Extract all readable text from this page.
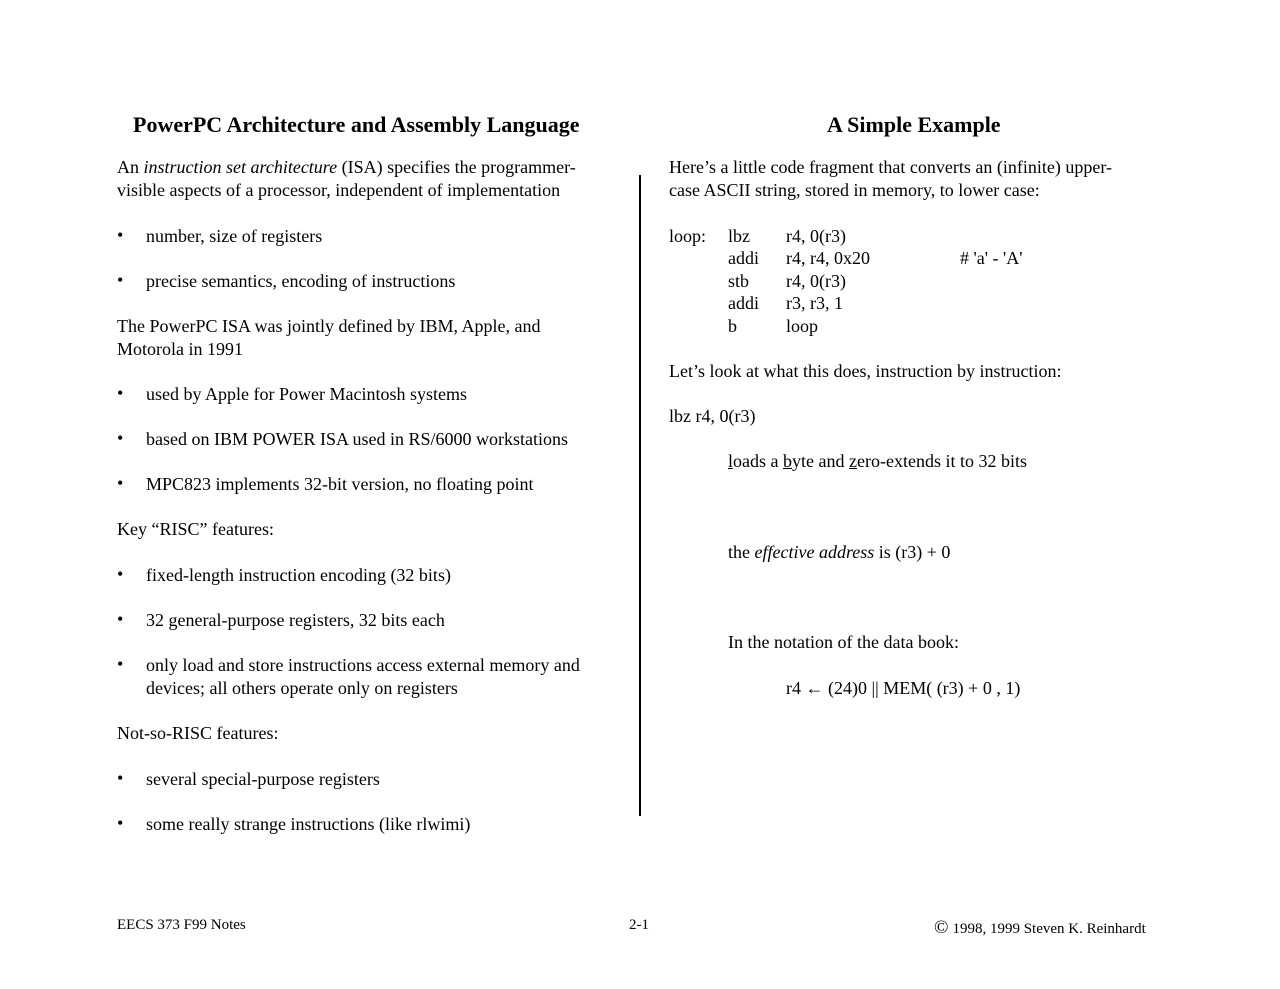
PowerPC Architecture and Assembly Language
An instruction set architecture (ISA) specifies the programmer-
visible aspects of a processor, independent of implementation
• number, size of registers
• precise semantics, encoding of instructions
The PowerPC ISA was jointly defined by IBM, Apple, and
Motorola in 1991
• used by Apple for Power Macintosh systems
• based on IBM POWER ISA used in RS/6000 workstations
• MPC823 implements 32-bit version, no floating point
Key “RISC” features:
• fixed-length instruction encoding (32 bits)
• 32 general-purpose registers, 32 bits each
• only load and store instructions access external memory and
devices; all others operate only on registers
Not-so-RISC features:
• several special-purpose registers
• some really strange instructions (like rlwimi)
A Simple Example
Here’s a little code fragment that converts an (infinite) upper-
case ASCII string, stored in memory, to lower case:
loop: lbz r4, 0(r3)
addi r4, r4, 0x20	# 'a' - 'A'
stb r4, 0(r3)
addi r3, r3, 1
b	loop
Let’s look at what this does, instruction by instruction:
lbz r4, 0(r3)
loads a byte and zero-extends it to 32 bits
the effective address is (r3) + 0
In the notation of the data book:
r4 ← (24)0 || MEM( (r3) + 0 , 1)
EECS 373 F99 Notes	2-1	© 1998, 1999 Steven K. Reinhardt
